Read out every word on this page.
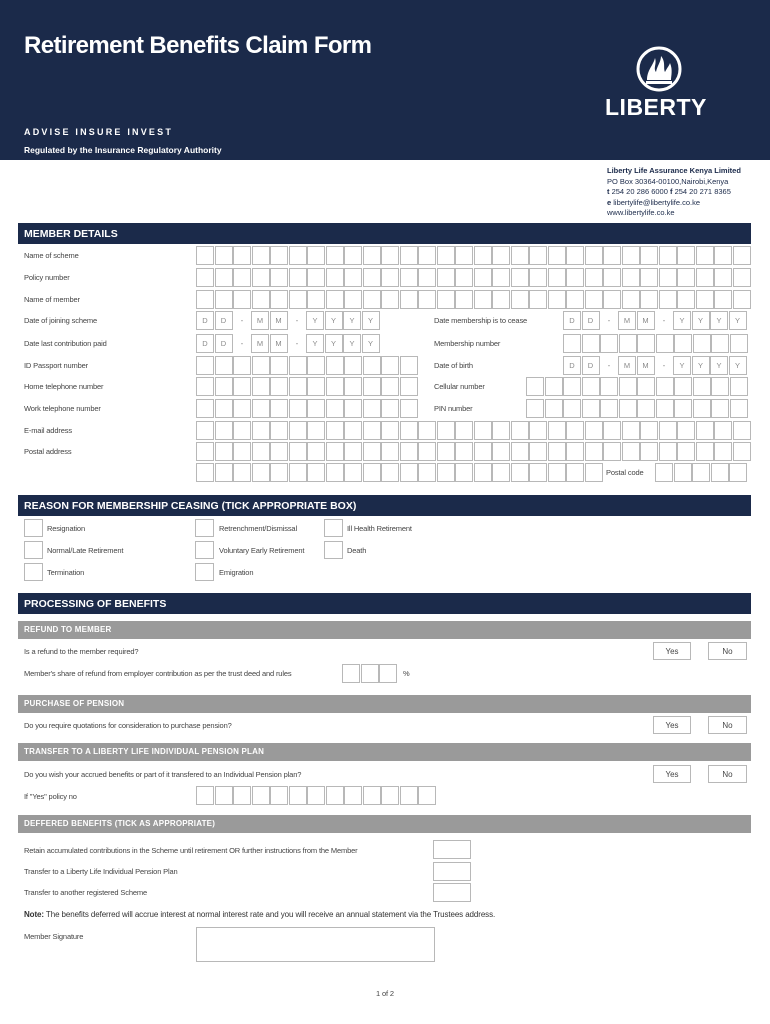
Retirement Benefits Claim Form
ADVISE INSURE INVEST
Regulated by the Insurance Regulatory Authority
LIBERTY
Liberty Life Assurance Kenya Limited
PO Box 30364-00100,Nairobi,Kenya
t 254 20 286 6000 f 254 20 271 8365
e libertylife@libertylife.co.ke
www.libertylife.co.ke
MEMBER DETAILS
Name of scheme
Policy number
Name of member
Date of joining scheme	D	D	-	M	M	-	Y	Y	Y	Y	Date membership is to cease	D	D	-	M	M	-	Y	Y	Y	Y
Date last contribution paid	D	D	-	M	M	-	Y	Y	Y	Y	Membership number
ID Passport number	Date of birth	D	D	-	M	M	-	Y	Y	Y	Y
Home telephone number	Cellular number
Work telephone number	PIN number
E-mail address
Postal address
Postal code
REASON FOR MEMBERSHIP CEASING (TICK APPROPRIATE BOX)
Resignation	Retrenchment/Dismissal	Ill Health Retirement
Normal/Late Retirement	Voluntary Early Retirement	Death
Termination	Emigration
PROCESSING OF BENEFITS
REFUND TO MEMBER
Is a refund to the member required?	Yes	No
Member's share of refund from employer contribution as per the trust deed and rules	%
PURCHASE OF PENSION
Do you require quotations for consideration to purchase pension?	Yes	No
TRANSFER TO A LIBERTY LIFE INDIVIDUAL PENSION PLAN
Do you wish your accrued benefits or part of it transfered to an Individual Pension plan?	Yes	No
If "Yes" policy no
DEFFERED BENEFITS (TICK AS APPROPRIATE)
Retain accumulated contributions in the Scheme until retirement OR further instructions from the Member
Transfer to a Liberty Life Individual Pension Plan
Transfer to another registered Scheme
Note: The benefits deferred will accrue interest at normal interest rate and you will receive an annual statement via the Trustees address.
Member Signature
1 of 2
